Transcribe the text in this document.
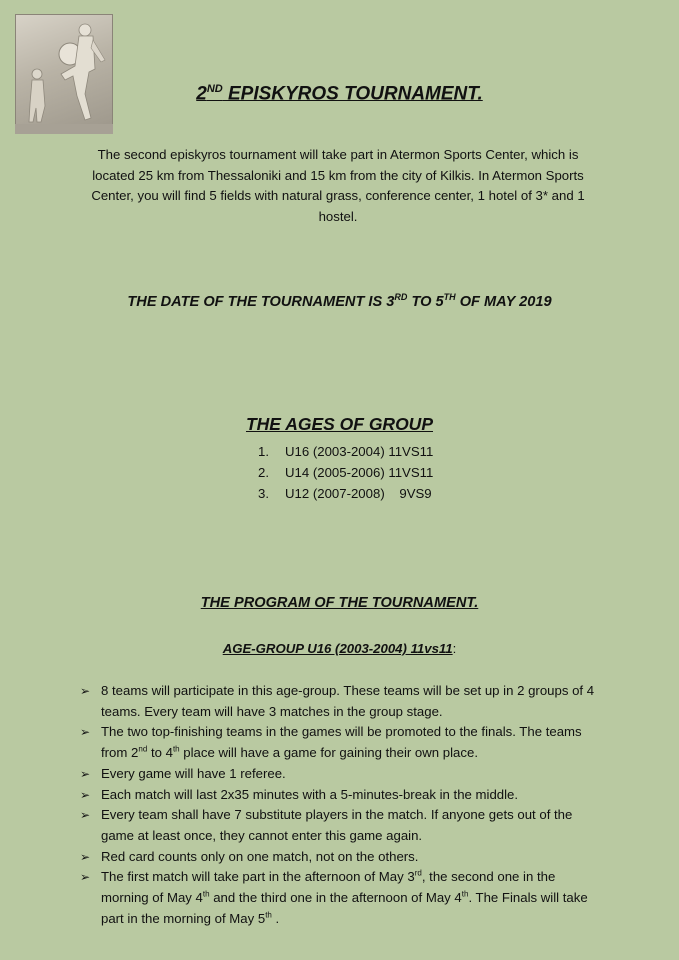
2ND EPISKYROS TOURNAMENT.
The second episkyros tournament will take part in Atermon Sports Center, which is located 25 km from Thessaloniki and 15 km from the city of Kilkis. In Atermon Sports Center, you will find 5 fields with natural grass, conference center, 1 hotel of 3* and 1 hostel.
THE DATE OF THE TOURNAMENT IS 3RD TO 5TH OF MAY 2019
THE AGES OF GROUP
1. U16 (2003-2004) 11VS11
2. U14 (2005-2006) 11VS11
3. U12 (2007-2008)    9VS9
THE PROGRAM OF THE TOURNAMENT.
AGE-GROUP U16 (2003-2004) 11vs11:
➢ 8 teams will participate in this age-group. These teams will be set up in 2 groups of 4 teams. Every team will have 3 matches in the group stage.
➢ The two top-finishing teams in the games will be promoted to the finals. The teams from 2nd to 4th place will have a game for gaining their own place.
➢ Every game will have 1 referee.
➢ Each match will last 2x35 minutes with a 5-minutes-break in the middle.
➢ Every team shall have 7 substitute players in the match. If anyone gets out of the game at least once, they cannot enter this game again.
➢ Red card counts only on one match, not on the others.
➢ The first match will take part in the afternoon of May 3rd, the second one in the morning of May 4th and the third one in the afternoon of May 4th. The Finals will take part in the morning of May 5th .
